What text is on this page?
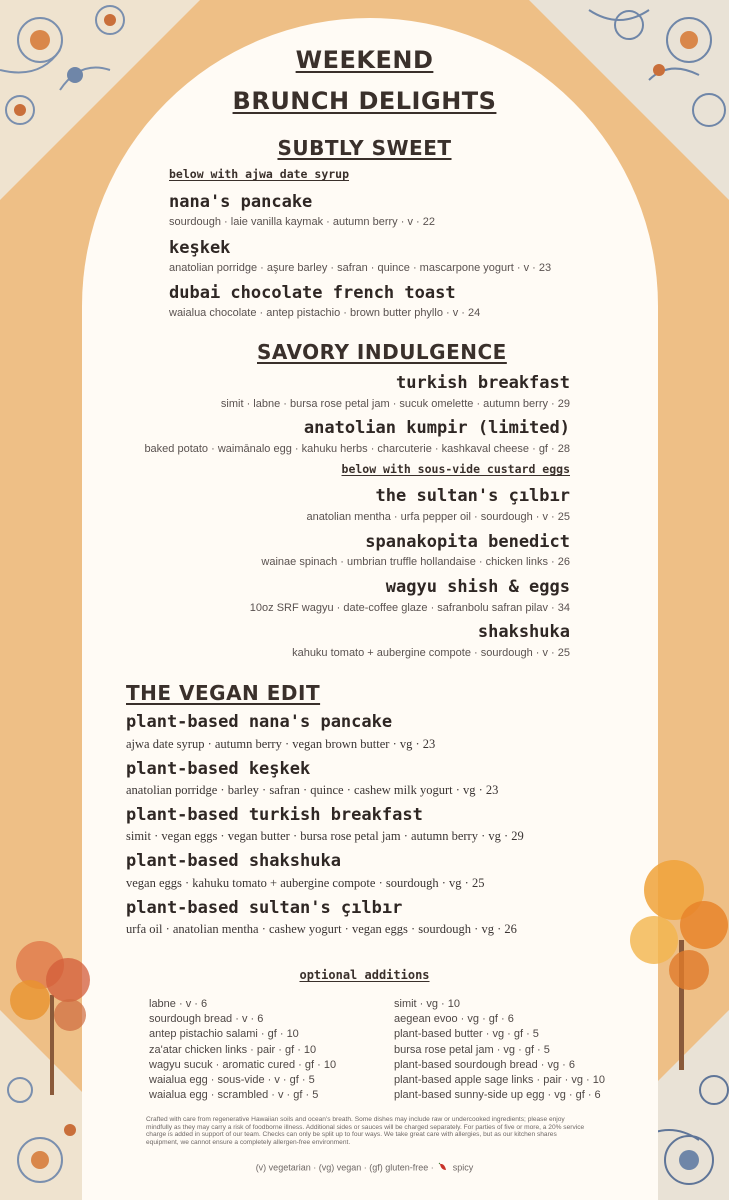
WEEKEND
BRUNCH DELIGHTS
SUBTLY SWEET
below with ajwa date syrup
nana's pancake
sourdough · laie vanilla kaymak · autumn berry · v · 22
keşkek
anatolian porridge · aşure barley · safran · quince · mascarpone yogurt · v · 23
dubai chocolate french toast
waialua chocolate · antep pistachio · brown butter phyllo · v · 24
SAVORY INDULGENCE
turkish breakfast
simit · labne · bursa rose petal jam · sucuk omelette · autumn berry · 29
anatolian kumpir (limited)
baked potato · waimānalo egg · kahuku herbs · charcuterie · kashkaval cheese · gf · 28
below with sous-vide custard eggs
the sultan's çılbır
anatolian mentha · urfa pepper oil · sourdough · v · 25
spanakopita benedict
wainae spinach · umbrian truffle hollandaise · chicken links · 26
wagyu shish & eggs
10oz SRF wagyu · date-coffee glaze · safranbolu safran pilav · 34
shakshuka
kahuku tomato + aubergine compote · sourdough · v · 25
THE VEGAN EDIT
plant-based nana's pancake
ajwa date syrup · autumn berry · vegan brown butter · vg · 23
plant-based keşkek
anatolian porridge · barley · safran · quince · cashew milk yogurt · vg · 23
plant-based turkish breakfast
simit · vegan eggs · vegan butter · bursa rose petal jam · autumn berry · vg · 29
plant-based shakshuka
vegan eggs · kahuku tomato + aubergine compote · sourdough · vg · 25
plant-based sultan's çılbır
urfa oil · anatolian mentha · cashew yogurt · vegan eggs · sourdough · vg · 26
optional additions
labne · v · 6
sourdough bread · v · 6
antep pistachio salami · gf · 10
za'atar chicken links · pair · gf · 10
wagyu sucuk · aromatic cured · gf · 10
waialua egg · sous-vide · v · gf · 5
waialua egg · scrambled · v · gf · 5
simit · vg · 10
aegean evoo · vg · gf · 6
plant-based butter · vg · gf · 5
bursa rose petal jam · vg · gf · 5
plant-based sourdough bread · vg · 6
plant-based apple sage links · pair · vg · 10
plant-based sunny-side up egg · vg · gf · 6
Crafted with care from regenerative Hawaiian soils and ocean's breath. Some dishes may include raw or undercooked ingredients; please enjoy mindfully as they may carry a risk of foodborne illness. Additional sides or sauces will be charged separately. For parties of five or more, a 20% service charge is added in support of our team. Checks can only be split up to four ways. We take great care with allergies, but as our kitchen shares equipment, we cannot ensure a completely allergen-free environment.
(v) vegetarian · (vg) vegan · (gf) gluten-free · spicy
